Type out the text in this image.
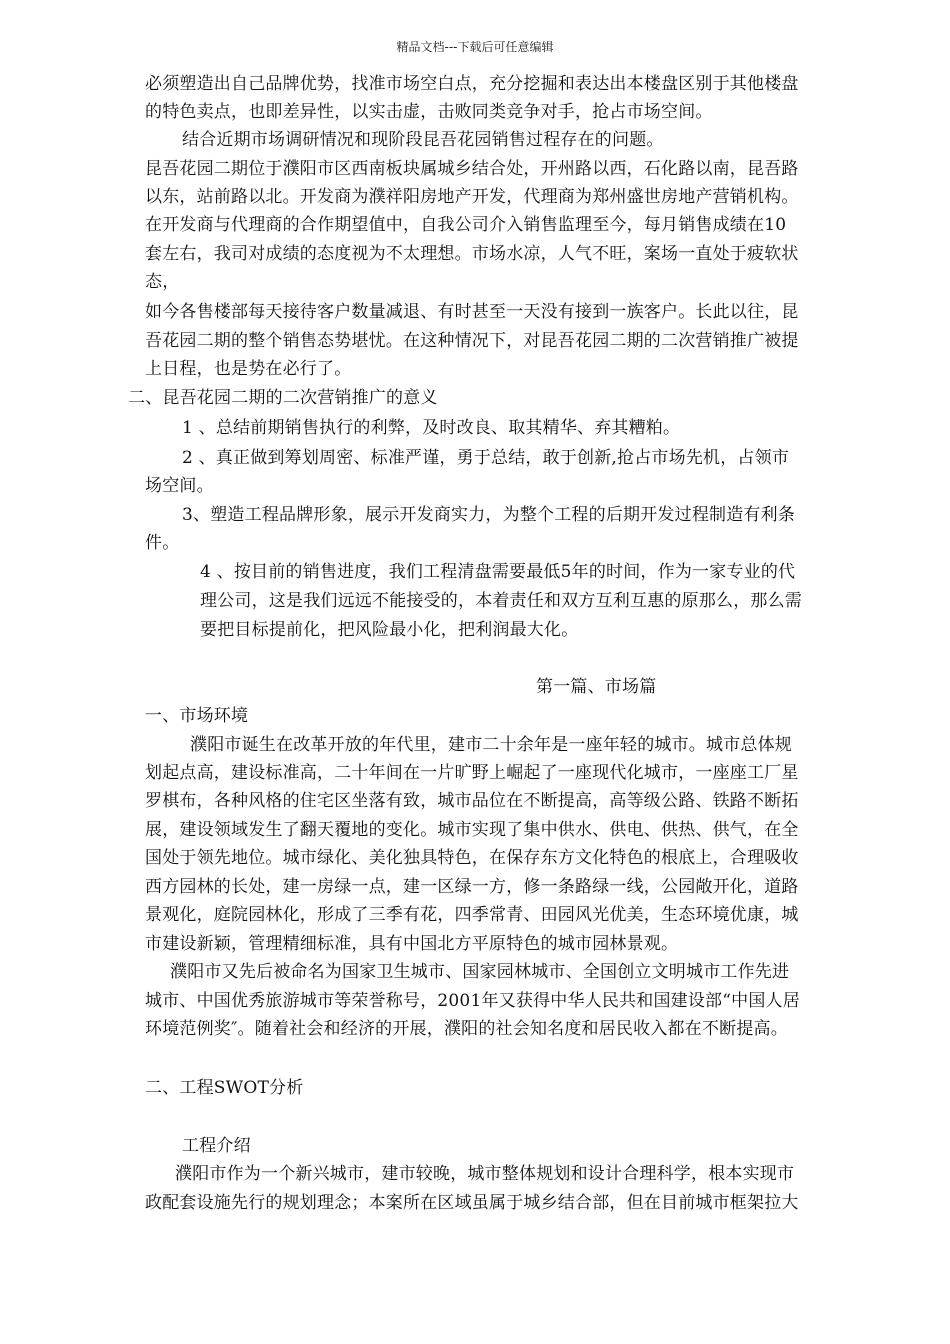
精品文档---下载后可任意编辑
必须塑造出自己品牌优势，找准市场空白点，充分挖掘和表达出本楼盘区别于其他楼盘
的特色卖点，也即差异性，以实击虚，击败同类竞争对手，抢占市场空间。
结合近期市场调研情况和现阶段昆吾花园销售过程存在的问题。
昆吾花园二期位于濮阳市区西南板块属城乡结合处，开州路以西，石化路以南，昆吾路
以东，站前路以北。开发商为濮祥阳房地产开发，代理商为郑州盛世房地产营销机构。
在开发商与代理商的合作期望值中，自我公司介入销售监理至今，每月销售成绩在10
套左右，我司对成绩的态度视为不太理想。市场水凉，人气不旺，案场一直处于疲软状
态，
如今各售楼部每天接待客户数量减退、有时甚至一天没有接到一族客户。长此以往，昆
吾花园二期的整个销售态势堪忧。在这种情况下，对昆吾花园二期的二次营销推广被提
上日程，也是势在必行了。
二、昆吾花园二期的二次营销推广的意义
1 、总结前期销售执行的利弊，及时改良、取其精华、弃其糟粕。
2 、真正做到筹划周密、标准严谨，勇于总结，敢于创新,抢占市场先机，占领市
场空间。
3、塑造工程品牌形象，展示开发商实力，为整个工程的后期开发过程制造有利条
件。
4 、按目前的销售进度，我们工程清盘需要最低5年的时间，作为一家专业的代
理公司，这是我们远远不能接受的，本着责任和双方互利互惠的原那么，那么需
要把目标提前化，把风险最小化，把利润最大化。
第一篇、市场篇
一、市场环境
濮阳市诞生在改革开放的年代里，建市二十余年是一座年轻的城市。城市总体规
划起点高，建设标准高，二十年间在一片旷野上崛起了一座现代化城市，一座座工厂星
罗棋布，各种风格的住宅区坐落有致，城市品位在不断提高，高等级公路、铁路不断拓
展，建设领域发生了翻天覆地的变化。城市实现了集中供水、供电、供热、供气，在全
国处于领先地位。城市绿化、美化独具特色，在保存东方文化特色的根底上，合理吸收
西方园林的长处，建一房绿一点，建一区绿一方，修一条路绿一线，公园敞开化，道路
景观化，庭院园林化，形成了三季有花，四季常青、田园风光优美，生态环境优康，城
市建设新颖，管理精细标准，具有中国北方平原特色的城市园林景观。
濮阳市又先后被命名为国家卫生城市、国家园林城市、全国创立文明城市工作先进
城市、中国优秀旅游城市等荣誉称号，2001年又获得中华人民共和国建设部“中国人居
环境范例奖″。随着社会和经济的开展，濮阳的社会知名度和居民收入都在不断提高。
二、工程SWOT分析
工程介绍
濮阳市作为一个新兴城市，建市较晚，城市整体规划和设计合理科学，根本实现市
政配套设施先行的规划理念；本案所在区域虽属于城乡结合部，但在目前城市框架拉大
